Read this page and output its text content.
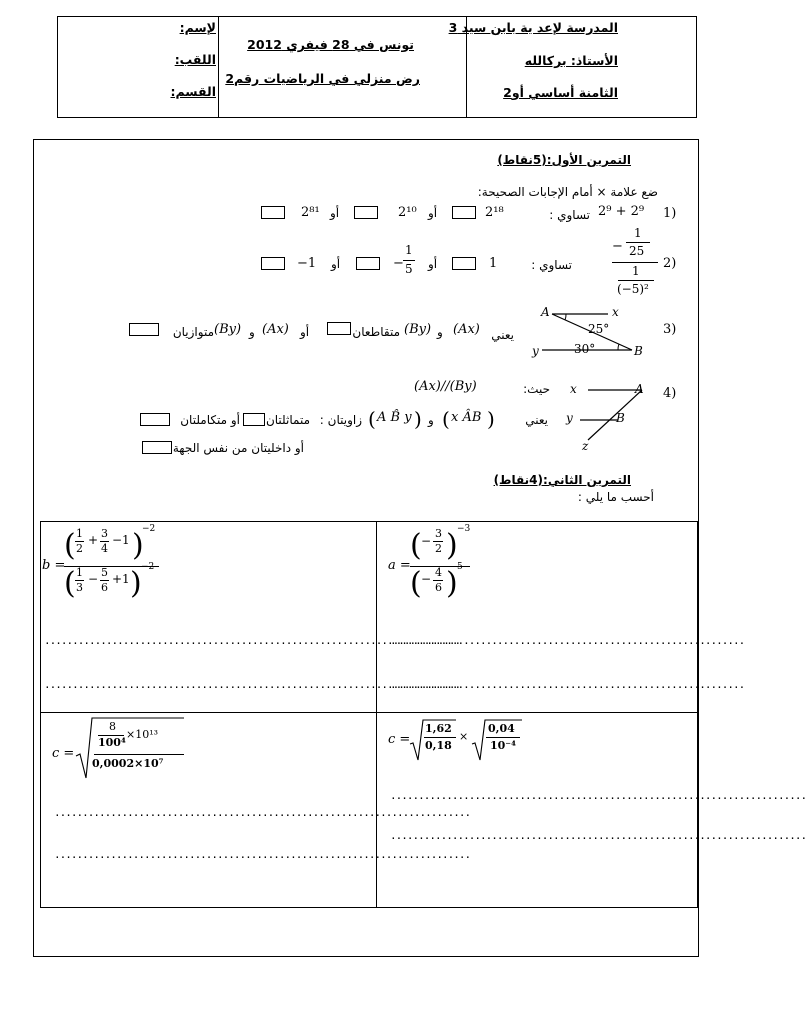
المدرسة لإعد ية بابن سيد 3
الأستاذ: بركالله
الثامنة أساسي أو2
تونس في 28 فيفري 2012
رض منزلي في الرياضيات رقم2
لإسم:
اللقب:
القسم:
التمرين الأول:(5نقاط)
ضع علامة × أمام الإجابات الصحيحة:
1)
2⁹ + 2⁹
تساوي :
2¹⁸
أو
2¹⁰
أو
2⁸¹
2)
−
1
25
1
(−5)²
تساوي :
1
أو
−
1
5
أو
−1
3)
A	x
y	B
25°
30°
يعني
(Ax)
و
(By)
متقاطعان
أو
(Ax)
و
(By)
متوازيان
4)
x	A
y	B
z
حيث:
(Ax)//(By)
يعني
( x ÂB )
و
( A B̂ y )
زاويتان :
متماثلتان
أو متكاملتان
أو داخليتان من نفس الجهة
التمرين الثاني:(4نقاط)
أحسب ما يلي :
b =
( 1
2
+ 3
4
−1 )
−2
( 1
3
− 5
6
+1 ) −2
..........................................................................
..........................................................................
a =
( −
3
2 ) −3
( − 4
6 ) 5
...............................................................
...............................................................
c =
8
100⁴
×10¹³
0,0002×10⁷
..........................................................................
..........................................................................
c =
1,62
0,18
×
0,04
10⁻⁴
..........................................................................
..........................................................................
